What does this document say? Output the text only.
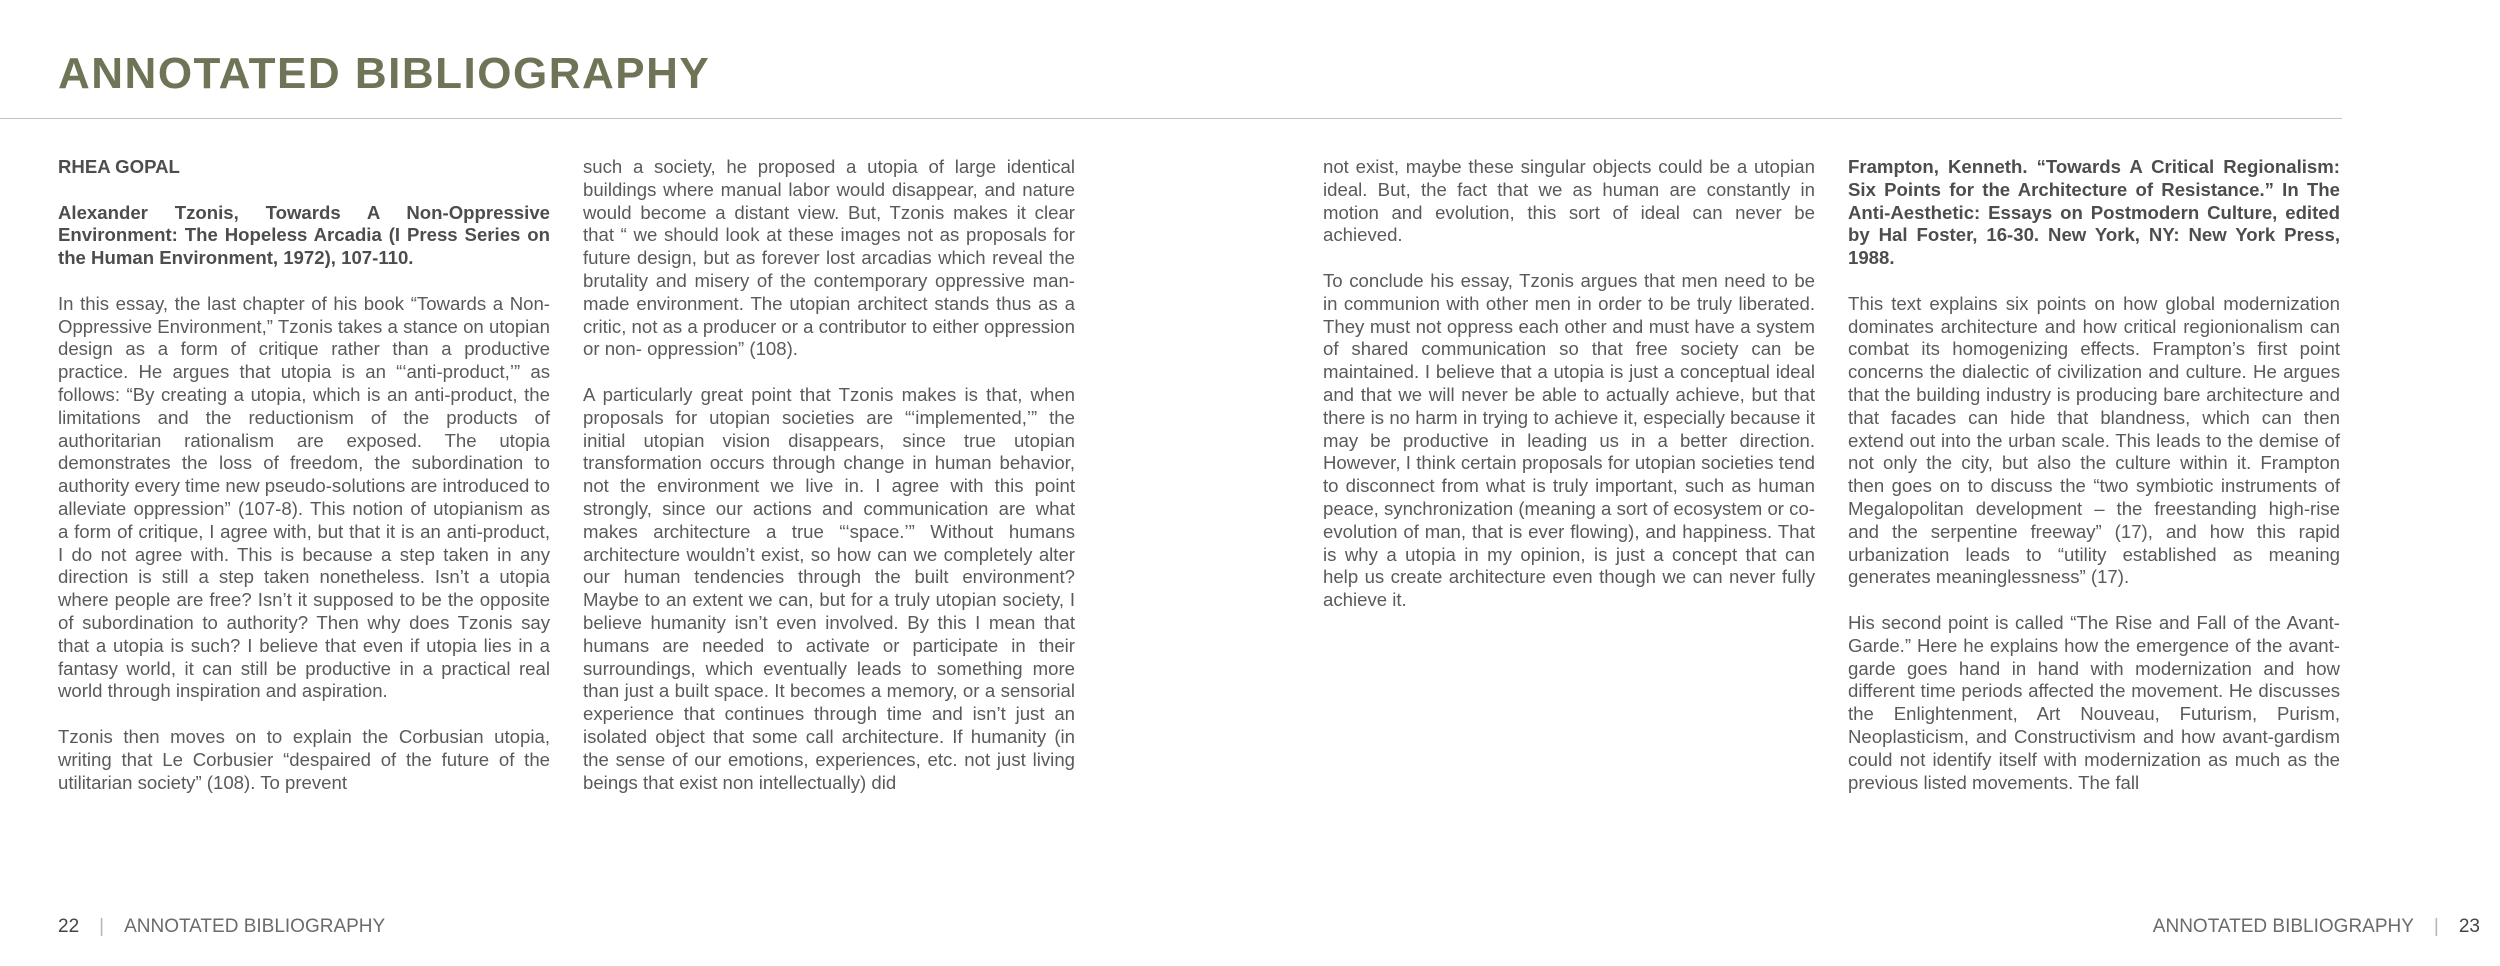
ANNOTATED BIBLIOGRAPHY

RHEA GOPAL

Alexander Tzonis, Towards A Non-Oppressive Environment: The Hopeless Arcadia (I Press Series on the Human Environment, 1972), 107-110.

In this essay, the last chapter of his book “Towards a Non-Oppressive Environment,” Tzonis takes a stance on utopian design as a form of critique rather than a productive practice. He argues that utopia is an “‘anti-product,’” as follows: “By creating a utopia, which is an anti-product, the limitations and the reductionism of the products of authoritarian rationalism are exposed. The utopia demonstrates the loss of freedom, the subordination to authority every time new pseudo-solutions are introduced to alleviate oppression” (107-8). This notion of utopianism as a form of critique, I agree with, but that it is an anti-product, I do not agree with. This is because a step taken in any direction is still a step taken nonetheless. Isn’t a utopia where people are free? Isn’t it supposed to be the opposite of subordination to authority? Then why does Tzonis say that a utopia is such? I believe that even if utopia lies in a fantasy world, it can still be productive in a practical real world through inspiration and aspiration.

Tzonis then moves on to explain the Corbusian utopia, writing that Le Corbusier “despaired of the future of the utilitarian society” (108). To prevent

such a society, he proposed a utopia of large identical buildings where manual labor would disappear, and nature would become a distant view. But, Tzonis makes it clear that “ we should look at these images not as proposals for future design, but as forever lost arcadias which reveal the brutality and misery of the contemporary oppressive man-made environment. The utopian architect stands thus as a critic, not as a producer or a contributor to either oppression or non- oppression” (108).

A particularly great point that Tzonis makes is that, when proposals for utopian societies are “‘implemented,’” the initial utopian vision disappears, since true utopian transformation occurs through change in human behavior, not the environment we live in. I agree with this point strongly, since our actions and communication are what makes architecture a true “‘space.’” Without humans architecture wouldn’t exist, so how can we completely alter our human tendencies through the built environment? Maybe to an extent we can, but for a truly utopian society, I believe humanity isn’t even involved. By this I mean that humans are needed to activate or participate in their surroundings, which eventually leads to something more than just a built space. It becomes a memory, or a sensorial experience that continues through time and isn’t just an isolated object that some call architecture. If humanity (in the sense of our emotions, experiences, etc. not just living beings that exist non intellectually) did

not exist, maybe these singular objects could be a utopian ideal. But, the fact that we as human are constantly in motion and evolution, this sort of ideal can never be achieved.

To conclude his essay, Tzonis argues that men need to be in communion with other men in order to be truly liberated. They must not oppress each other and must have a system of shared communication so that free society can be maintained. I believe that a utopia is just a conceptual ideal and that we will never be able to actually achieve, but that there is no harm in trying to achieve it, especially because it may be productive in leading us in a better direction. However, I think certain proposals for utopian societies tend to disconnect from what is truly important, such as human peace, synchronization (meaning a sort of ecosystem or co-evolution of man, that is ever flowing), and happiness. That is why a utopia in my opinion, is just a concept that can help us create architecture even though we can never fully achieve it.

Frampton, Kenneth. “Towards A Critical Regionalism: Six Points for the Architecture of Resistance.” In The Anti-Aesthetic: Essays on Postmodern Culture, edited by Hal Foster, 16-30. New York, NY: New York Press, 1988.

This text explains six points on how global modernization dominates architecture and how critical regionionalism can combat its homogenizing effects. Frampton’s first point concerns the dialectic of civilization and culture. He argues that the building industry is producing bare architecture and that facades can hide that blandness, which can then extend out into the urban scale. This leads to the demise of not only the city, but also the culture within it. Frampton then goes on to discuss the “two symbiotic instruments of Megalopolitan development – the freestanding high-rise and the serpentine freeway” (17), and how this rapid urbanization leads to “utility established as meaning generates meaninglessness” (17).

His second point is called “The Rise and Fall of the Avant-Garde.” Here he explains how the emergence of the avant-garde goes hand in hand with modernization and how different time periods affected the movement. He discusses the Enlightenment, Art Nouveau, Futurism, Purism, Neoplasticism, and Constructivism and how avant-gardism could not identify itself with modernization as much as the previous listed movements. The fall

22 | ANNOTATED BIBLIOGRAPHY	ANNOTATED BIBLIOGRAPHY | 23
